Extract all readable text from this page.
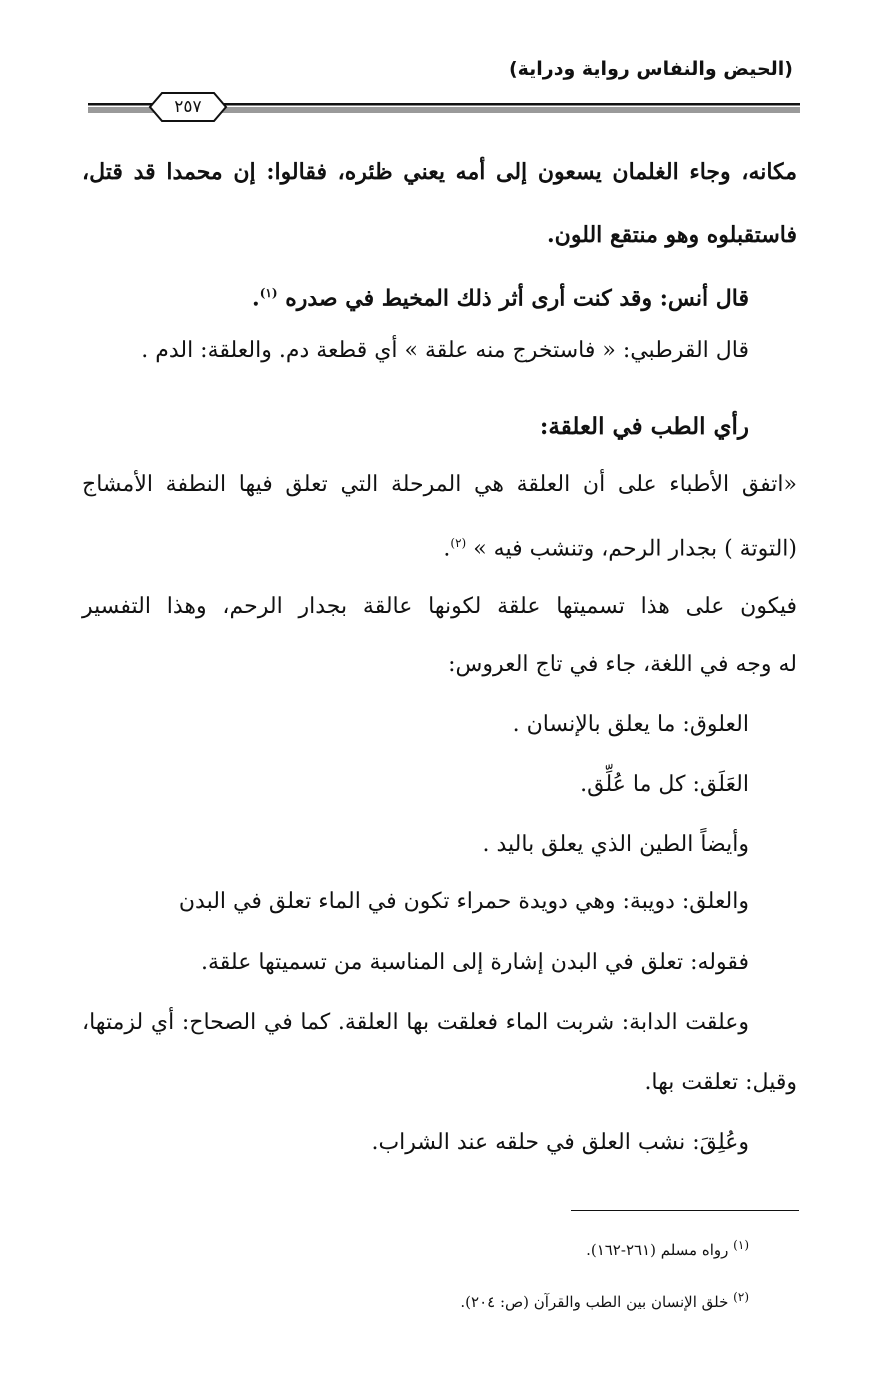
(الحيض والنفاس رواية ودراية)
٢٥٧
مكانه، وجاء الغلمان يسعون إلى أمه يعني ظئره، فقالوا: إن محمدا قد قتل،
فاستقبلوه وهو منتقع اللون.
قال أنس: وقد كنت أرى أثر ذلك المخيط في صدره $^{(١)}$.
قال القرطبي: « فاستخرج منه علقة » أي قطعة دم. والعلقة: الدم .
رأي الطب في العلقة:
«اتفق الأطباء على أن العلقة هي المرحلة التي تعلق فيها النطفة الأمشاج
(التوتة ) بجدار الرحم، وتنشب فيه » $^{(٢)}$.
فيكون على هذا تسميتها علقة لكونها عالقة بجدار الرحم، وهذا التفسير
له وجه في اللغة، جاء في تاج العروس:
العلوق: ما يعلق بالإنسان .
العَلَق: كل ما عُلِّق.
وأيضاً الطين الذي يعلق باليد .
والعلق: دويبة: وهي دويدة حمراء تكون في الماء تعلق في البدن
فقوله: تعلق في البدن إشارة إلى المناسبة من تسميتها علقة.
وعلقت الدابة: شربت الماء فعلقت بها العلقة. كما في الصحاح: أي لزمتها،
وقيل: تعلقت بها.
وعُلِقَ: نشب العلق في حلقه عند الشراب.
$^{(١)}$ رواه مسلم (٢٦١-١٦٢).
$^{(٢)}$ خلق الإنسان بين الطب والقرآن (ص: ٢٠٤).
